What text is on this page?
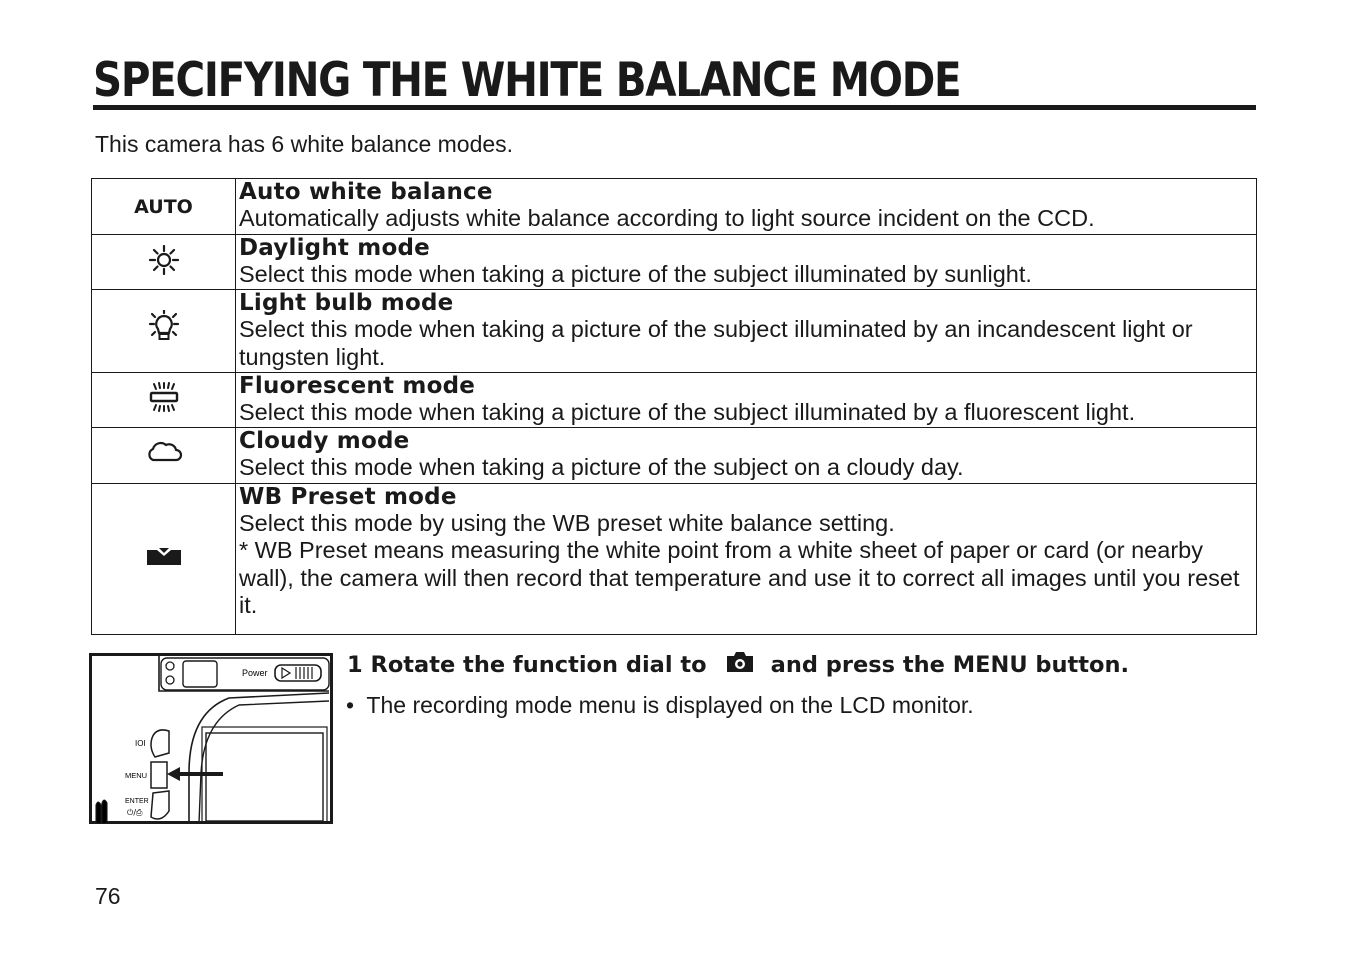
SPECIFYING THE WHITE BALANCE MODE
This camera has 6 white balance modes.
AUTO	Auto white balance
Automatically adjusts white balance according to light source incident on the CCD.

Daylight mode
Select this mode when taking a picture of the subject illuminated by sunlight.

Light bulb mode
Select this mode when taking a picture of the subject illuminated by an incandescent light or tungsten light.

Fluorescent mode
Select this mode when taking a picture of the subject illuminated by a fluorescent light.

Cloudy mode
Select this mode when taking a picture of the subject on a cloudy day.

WB Preset mode
Select this mode by using the WB preset white balance setting.
* WB Preset means measuring the white point from a white sheet of paper or card (or nearby wall), the camera will then record that temperature and use it to correct all images until you reset it.
Power
IOI
MENU
ENTER
⏻/⎙
1 Rotate the function dial to	and press the MENU button.
•  The recording mode menu is displayed on the LCD monitor.
76
